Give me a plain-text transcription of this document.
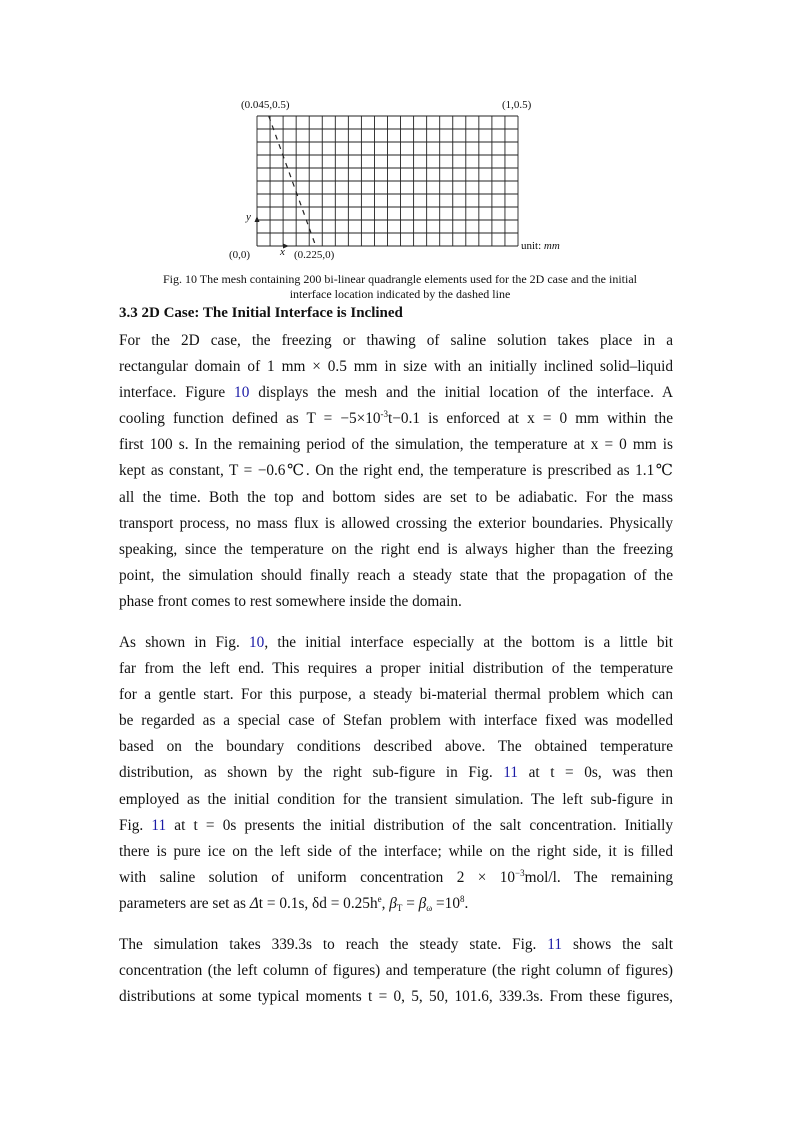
(0.045,0.5)	(1,0.5)
(0,0)	(0.225,0)
y
x	unit: mm
Fig. 10 The mesh containing 200 bi-linear quadrangle elements used for the 2D case and the initial
interface location indicated by the dashed line
3.3 2D Case: The Initial Interface is Inclined
For the 2D case, the freezing or thawing of saline solution takes place in a
rectangular domain of 1 mm × 0.5 mm in size with an initially inclined solid–liquid
interface. Figure 10 displays the mesh and the initial location of the interface. A
cooling function defined as $T = -5\times 10^{-3}t-0.1$ is enforced at x = 0 mm within the
first 100 s. In the remaining period of the simulation, the temperature at x = 0 mm is
kept as constant, T = −0.6℃. On the right end, the temperature is prescribed as 1.1℃
all the time. Both the top and bottom sides are set to be adiabatic. For the mass
transport process, no mass flux is allowed crossing the exterior boundaries. Physically
speaking, since the temperature on the right end is always higher than the freezing
point, the simulation should finally reach a steady state that the propagation of the
phase front comes to rest somewhere inside the domain.
As shown in Fig. 10, the initial interface especially at the bottom is a little bit
far from the left end. This requires a proper initial distribution of the temperature
for a gentle start. For this purpose, a steady bi-material thermal problem which can
be regarded as a special case of Stefan problem with interface fixed was modelled
based on the boundary conditions described above. The obtained temperature
distribution, as shown by the right sub-figure in Fig. 11 at t = 0s, was then
employed as the initial condition for the transient simulation. The left sub-figure in
Fig. 11 at t = 0s presents the initial distribution of the salt concentration. Initially
there is pure ice on the left side of the interface; while on the right side, it is filled
with saline solution of uniform concentration $2 \times 10^{-3}mol/l$. The remaining
parameters are set as Δt = 0.1s, $\delta d = 0.25h^e$, $\beta_T = \beta_\omega =10^8$.
The simulation takes 339.3s to reach the steady state. Fig. 11 shows the salt
concentration (the left column of figures) and temperature (the right column of figures)
distributions at some typical moments t = 0, 5, 50, 101.6, 339.3s. From these figures,
